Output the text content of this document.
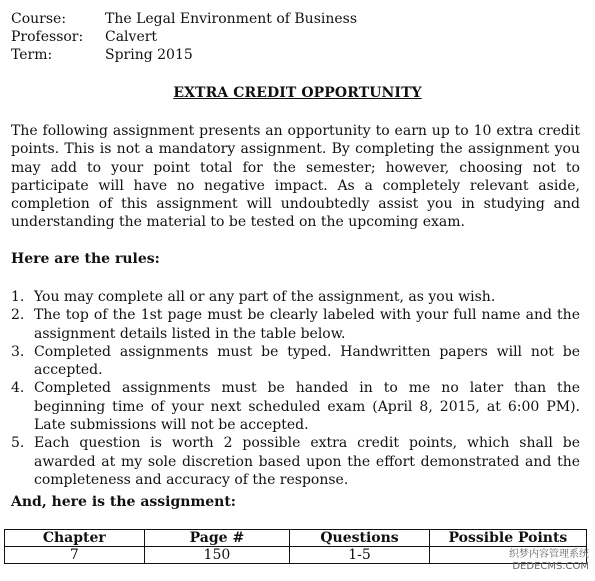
Course:	The Legal Environment of Business
Professor:	Calvert
Term:	Spring 2015
EXTRA CREDIT OPPORTUNITY

The following assignment presents an opportunity to earn up to 10 extra credit points. This is not a mandatory assignment. By completing the assignment you may add to your point total for the semester; however, choosing not to participate will have no negative impact. As a completely relevant aside, completion of this assignment will undoubtedly assist you in studying and understanding the material to be tested on the upcoming exam.

Here are the rules:

1. You may complete all or any part of the assignment, as you wish.
2. The top of the 1st page must be clearly labeled with your full name and the assignment details listed in the table below.
3. Completed assignments must be typed. Handwritten papers will not be accepted.
4. Completed assignments must be handed in to me no later than the beginning time of your next scheduled exam (April 8, 2015, at 6:00 PM). Late submissions will not be accepted.
5. Each question is worth 2 possible extra credit points, which shall be awarded at my sole discretion based upon the effort demonstrated and the completeness and accuracy of the response.

And, here is the assignment:

Chapter	Page #	Questions	Possible Points
7	150	1-5		织梦内容管理系统
DEDECMS.COM
